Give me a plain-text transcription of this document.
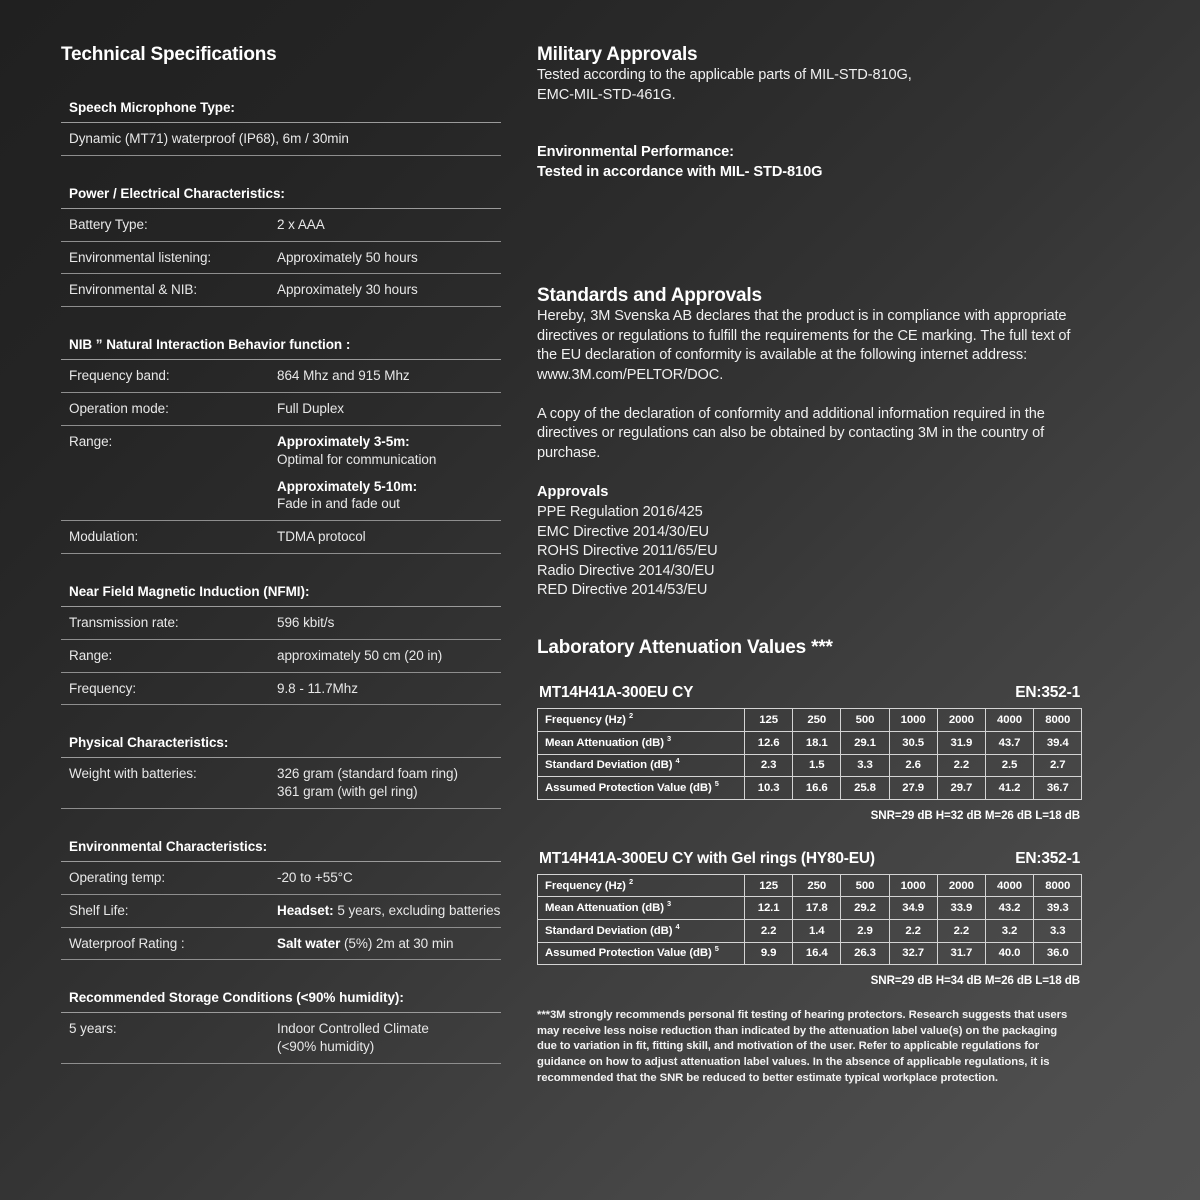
Technical Specifications
Speech Microphone Type:
Dynamic (MT71) waterproof (IP68), 6m / 30min
Power / Electrical Characteristics:
Battery Type:	2 x AAA
Environmental listening:	Approximately 50 hours
Environmental & NIB:	Approximately 30 hours
NIB ” Natural Interaction Behavior function :
Frequency band:	864 Mhz and 915 Mhz
Operation mode:	Full Duplex
Range:	Approximately 3-5m:
Optimal for communication
Approximately 5-10m:
Fade in and fade out
Modulation:	TDMA protocol
Near Field Magnetic Induction (NFMI):
Transmission rate:	596 kbit/s
Range:	approximately 50 cm (20 in)
Frequency:	9.8 - 11.7Mhz
Physical Characteristics:
Weight with batteries:	326 gram (standard foam ring)
361 gram (with gel ring)
Environmental Characteristics:
Operating temp:	-20 to +55°C
Shelf Life:	Headset: 5 years, excluding batteries
Waterproof Rating :	Salt water (5%) 2m at 30 min
Recommended Storage Conditions (<90% humidity):
5 years:	Indoor Controlled Climate
(<90% humidity)
Military Approvals
Tested according to the applicable parts of MIL-STD-810G,
EMC-MIL-STD-461G.
Environmental Performance:
Tested in accordance with MIL- STD-810G
Standards and Approvals
Hereby, 3M Svenska AB declares that the product is in compliance with appropriate directives or regulations to fulfill the requirements for the CE marking. The full text of the EU declaration of conformity is available at the following internet address: www.3M.com/PELTOR/DOC.
A copy of the declaration of conformity and additional information required in the directives or regulations can also be obtained by contacting 3M in the country of purchase.
Approvals
PPE Regulation 2016/425
EMC Directive 2014/30/EU
ROHS Directive 2011/65/EU
Radio Directive 2014/30/EU
RED Directive 2014/53/EU
Laboratory Attenuation Values ***
MT14H41A-300EU CY	EN:352-1
Frequency (Hz) $^2$	125	250	500	1000	2000	4000	8000
Mean Attenuation (dB) $^3$	12.6	18.1	29.1	30.5	31.9	43.7	39.4
Standard Deviation (dB) $^4$	2.3	1.5	3.3	2.6	2.2	2.5	2.7
Assumed Protection Value (dB) $^5$	10.3	16.6	25.8	27.9	29.7	41.2	36.7
SNR=29 dB H=32 dB M=26 dB L=18 dB
MT14H41A-300EU CY with Gel rings (HY80-EU)	EN:352-1
Frequency (Hz) $^2$	125	250	500	1000	2000	4000	8000
Mean Attenuation (dB) $^3$	12.1	17.8	29.2	34.9	33.9	43.2	39.3
Standard Deviation (dB) $^4$	2.2	1.4	2.9	2.2	2.2	3.2	3.3
Assumed Protection Value (dB) $^5$	9.9	16.4	26.3	32.7	31.7	40.0	36.0
SNR=29 dB H=34 dB M=26 dB L=18 dB
***3M strongly recommends personal fit testing of hearing protectors. Research suggests that users may receive less noise reduction than indicated by the attenuation label value(s) on the packaging due to variation in fit, fitting skill, and motivation of the user. Refer to applicable regulations for guidance on how to adjust attenuation label values. In the absence of applicable regulations, it is recommended that the SNR be reduced to better estimate typical workplace protection.
